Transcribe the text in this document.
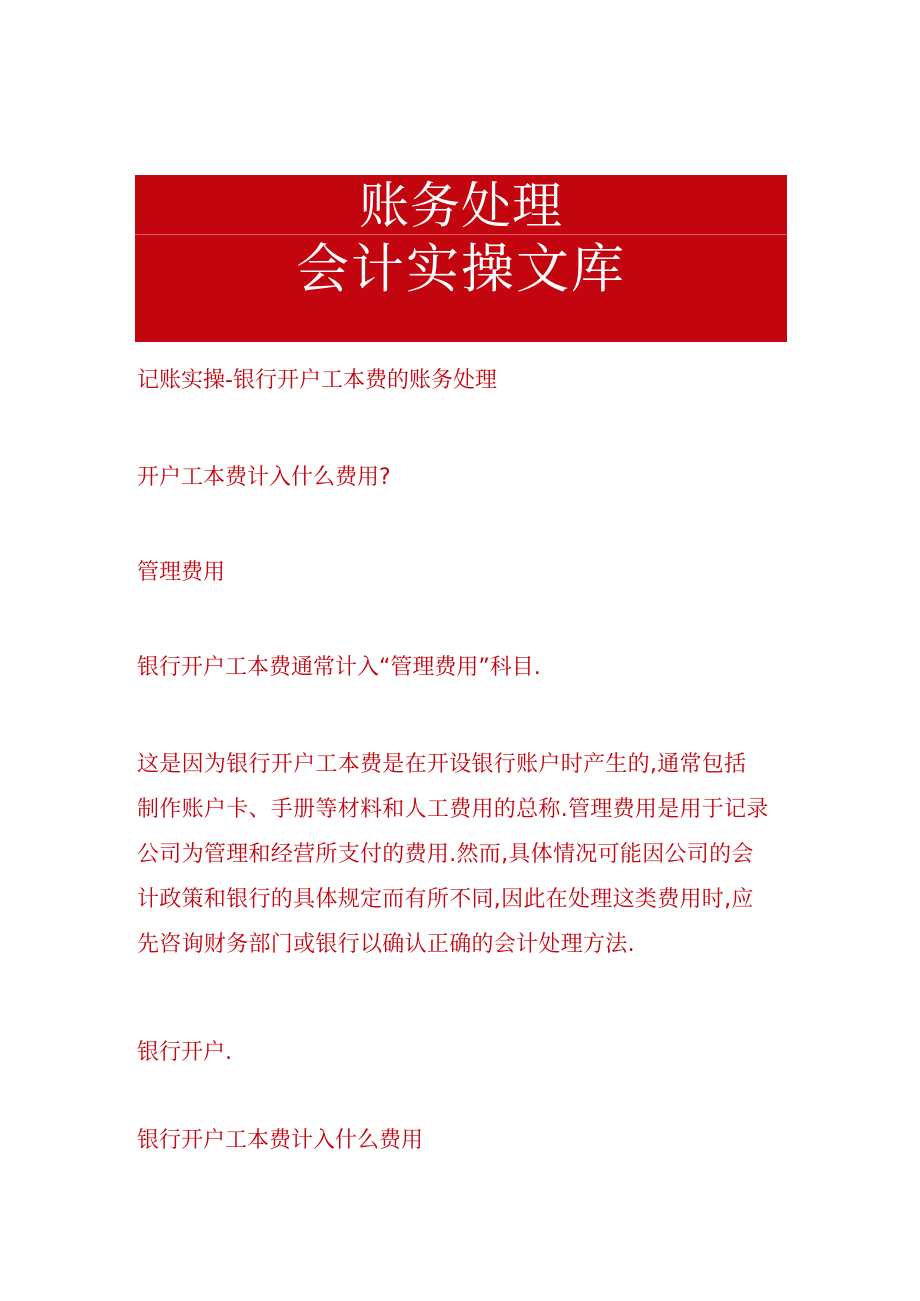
账务处理
会计实操文库
记账实操-银行开户工本费的账务处理
开户工本费计入什么费用?
管理费用
银行开户工本费通常计入“管理费用”科目.
这是因为银行开户工本费是在开设银行账户时产生的,通常包括
制作账户卡、手册等材料和人工费用的总称.管理费用是用于记录
公司为管理和经营所支付的费用.然而,具体情况可能因公司的会
计政策和银行的具体规定而有所不同,因此在处理这类费用时,应
先咨询财务部门或银行以确认正确的会计处理方法.
银行开户.
银行开户工本费计入什么费用
